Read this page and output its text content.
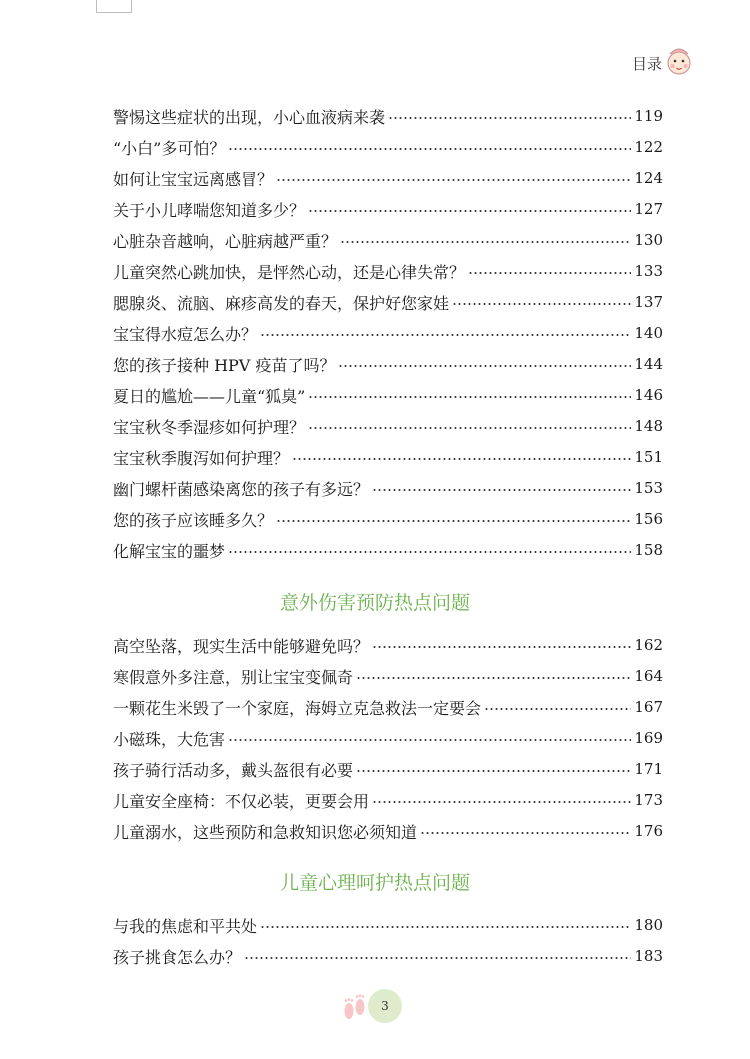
目录
警惕这些症状的出现，小心血液病来袭	119
“小白”多可怕？	122
如何让宝宝远离感冒？	124
关于小儿哮喘您知道多少？	127
心脏杂音越响，心脏病越严重？	130
儿童突然心跳加快，是怦然心动，还是心律失常？	133
腮腺炎、流脑、麻疹高发的春天，保护好您家娃	137
宝宝得水痘怎么办？	140
您的孩子接种 HPV 疫苗了吗？	144
夏日的尴尬——儿童“狐臭”	146
宝宝秋冬季湿疹如何护理？	148
宝宝秋季腹泻如何护理？	151
幽门螺杆菌感染离您的孩子有多远？	153
您的孩子应该睡多久？	156
化解宝宝的噩梦	158
意外伤害预防热点问题
高空坠落，现实生活中能够避免吗？	162
寒假意外多注意，别让宝宝变佩奇	164
一颗花生米毁了一个家庭，海姆立克急救法一定要会	167
小磁珠，大危害	169
孩子骑行活动多，戴头盔很有必要	171
儿童安全座椅：不仅必装，更要会用	173
儿童溺水，这些预防和急救知识您必须知道	176
儿童心理呵护热点问题
与我的焦虑和平共处	180
孩子挑食怎么办？	183
3
